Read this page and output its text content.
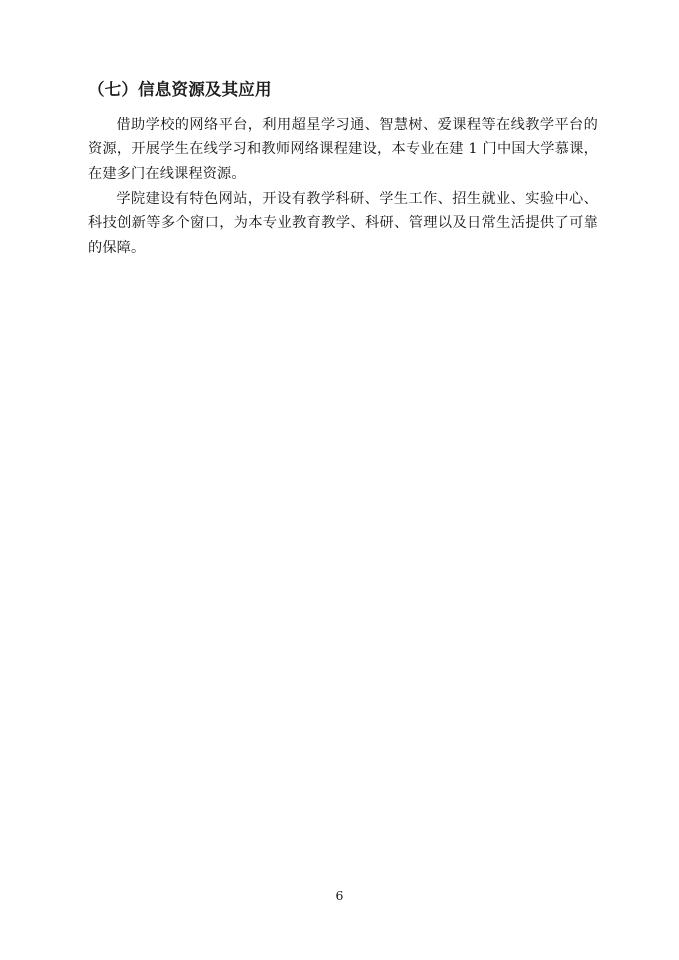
（七）信息资源及其应用

借助学校的网络平台，利用超星学习通、智慧树、爱课程等在线教学平台的资源，开展学生在线学习和教师网络课程建设，本专业在建 1 门中国大学慕课，在建多门在线课程资源。

学院建设有特色网站，开设有教学科研、学生工作、招生就业、实验中心、科技创新等多个窗口，为本专业教育教学、科研、管理以及日常生活提供了可靠的保障。

6
